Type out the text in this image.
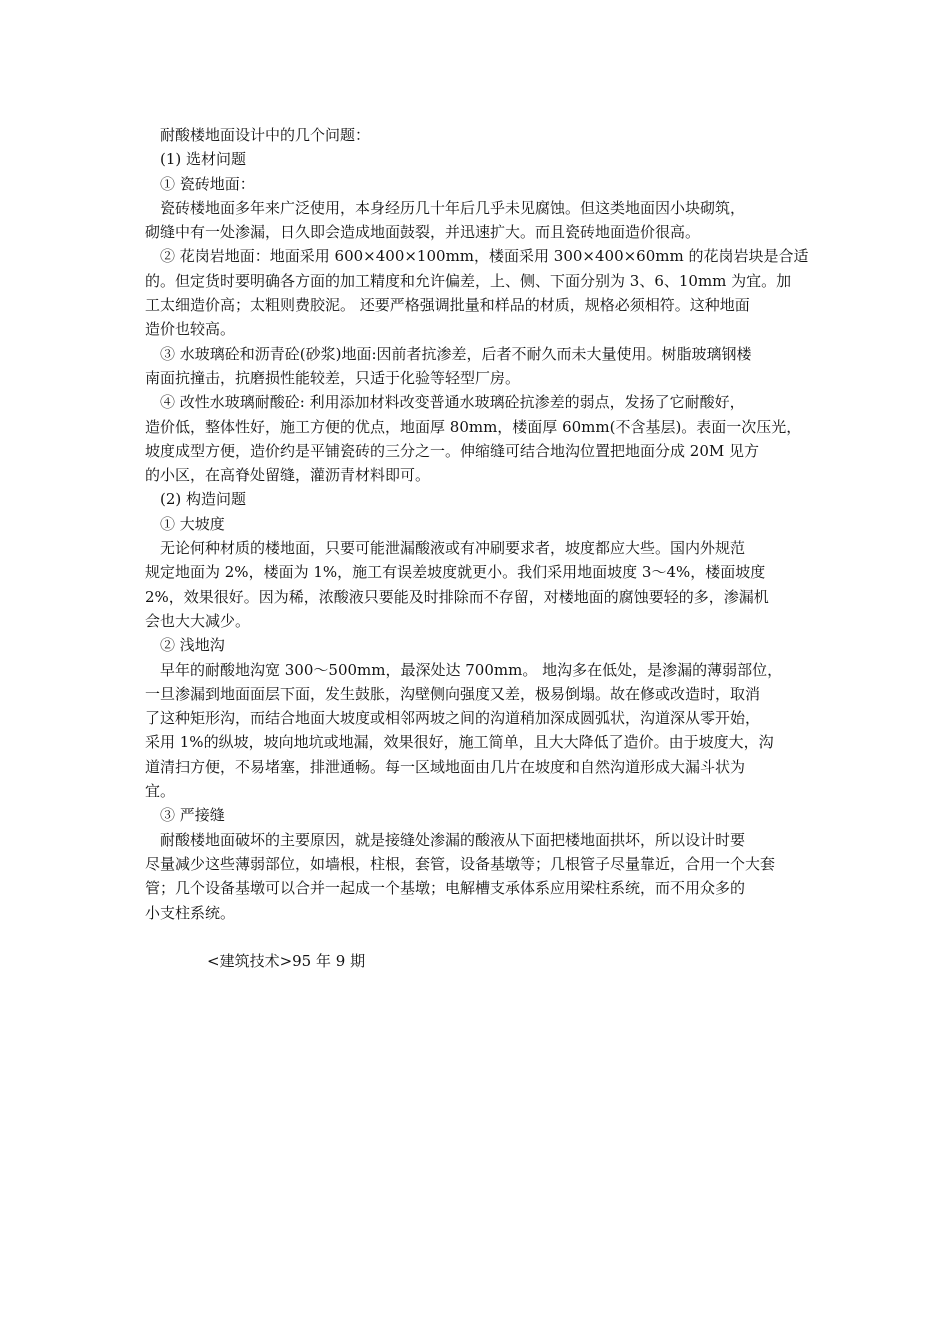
耐酸楼地面设计中的几个问题：
(1) 选材问题
① 瓷砖地面：
瓷砖楼地面多年来广泛使用，本身经历几十年后几乎未见腐蚀。但这类地面因小块砌筑，
砌缝中有一处渗漏，日久即会造成地面鼓裂，并迅速扩大。而且瓷砖地面造价很高。
② 花岗岩地面：地面采用 600×400×100mm，楼面采用 300×400×60mm 的花岗岩块是合适
的。但定货时要明确各方面的加工精度和允许偏差，上、侧、下面分别为 3、6、10mm 为宜。加
工太细造价高；太粗则费胶泥。 还要严格强调批量和样品的材质，规格必须相符。这种地面
造价也较高。
③ 水玻璃砼和沥青砼(砂浆)地面:因前者抗渗差，后者不耐久而未大量使用。树脂玻璃钢楼
南面抗撞击，抗磨损性能较差，只适于化验等轻型厂房。
④ 改性水玻璃耐酸砼: 利用添加材料改变普通水玻璃砼抗渗差的弱点，发扬了它耐酸好，
造价低，整体性好，施工方便的优点，地面厚 80mm，楼面厚 60mm(不含基层)。表面一次压光，
坡度成型方便，造价约是平铺瓷砖的三分之一。伸缩缝可结合地沟位置把地面分成 20M 见方
的小区，在高脊处留缝，灌沥青材料即可。
(2) 构造问题
① 大坡度
无论何种材质的楼地面，只要可能泄漏酸液或有冲刷要求者，坡度都应大些。国内外规范
规定地面为 2%，楼面为 1%，施工有误差坡度就更小。我们采用地面坡度 3～4%，楼面坡度
2%，效果很好。因为稀，浓酸液只要能及时排除而不存留，对楼地面的腐蚀要轻的多，渗漏机
会也大大减少。
② 浅地沟
早年的耐酸地沟宽 300～500mm，最深处达 700mm。 地沟多在低处，是渗漏的薄弱部位，
一旦渗漏到地面面层下面，发生鼓胀，沟壁侧向强度又差，极易倒塌。故在修或改造时，取消
了这种矩形沟，而结合地面大坡度或相邻两坡之间的沟道稍加深成圆弧状，沟道深从零开始，
采用 1%的纵坡，坡向地坑或地漏，效果很好，施工简单，且大大降低了造价。由于坡度大，沟
道清扫方便，不易堵塞，排泄通畅。每一区域地面由几片在坡度和自然沟道形成大漏斗状为
宜。
③ 严接缝
耐酸楼地面破坏的主要原因，就是接缝处渗漏的酸液从下面把楼地面拱坏，所以设计时要
尽量减少这些薄弱部位，如墙根，柱根，套管，设备基墩等；几根管子尽量靠近，合用一个大套
管；几个设备基墩可以合并一起成一个基墩；电解槽支承体系应用梁柱系统，而不用众多的
小支柱系统。
<建筑技术>95 年 9 期
